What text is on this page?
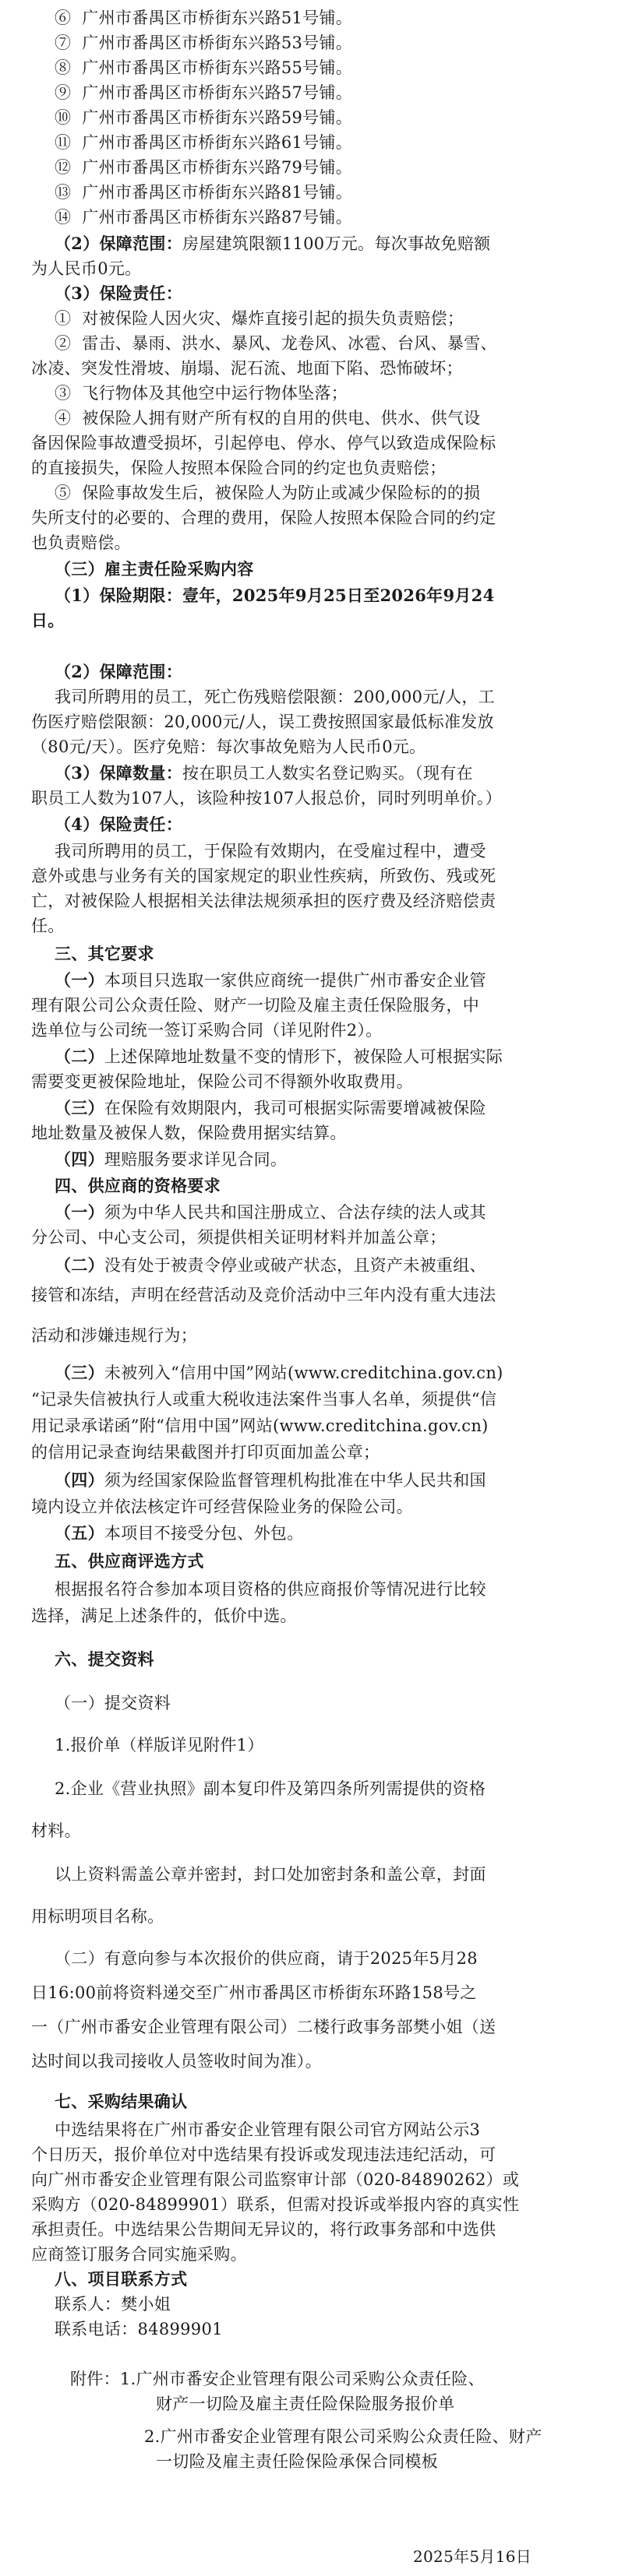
⑥ 广州市番禺区市桥街东兴路51号铺。
⑦ 广州市番禺区市桥街东兴路53号铺。
⑧ 广州市番禺区市桥街东兴路55号铺。
⑨ 广州市番禺区市桥街东兴路57号铺。
⑩ 广州市番禺区市桥街东兴路59号铺。
⑪ 广州市番禺区市桥街东兴路61号铺。
⑫ 广州市番禺区市桥街东兴路79号铺。
⑬ 广州市番禺区市桥街东兴路81号铺。
⑭ 广州市番禺区市桥街东兴路87号铺。
（2）保障范围：房屋建筑限额1100万元。每次事故免赔额
为人民币0元。
（3）保险责任：
① 对被保险人因火灾、爆炸直接引起的损失负责赔偿；
② 雷击、暴雨、洪水、暴风、龙卷风、冰雹、台风、暴雪、
冰凌、突发性滑坡、崩塌、泥石流、地面下陷、恐怖破坏；
③ 飞行物体及其他空中运行物体坠落；
④ 被保险人拥有财产所有权的自用的供电、供水、供气设
备因保险事故遭受损坏，引起停电、停水、停气以致造成保险标
的直接损失，保险人按照本保险合同的约定也负责赔偿；
⑤ 保险事故发生后，被保险人为防止或减少保险标的的损
失所支付的必要的、合理的费用，保险人按照本保险合同的约定
也负责赔偿。
（三）雇主责任险采购内容
（1）保险期限：壹年，2025年9月25日至2026年9月24
日。
（2）保障范围：
我司所聘用的员工，死亡伤残赔偿限额：200,000元/人，工
伤医疗赔偿限额：20,000元/人，误工费按照国家最低标准发放
（80元/天）。医疗免赔：每次事故免赔为人民币0元。
（3）保障数量：按在职员工人数实名登记购买。（现有在
职员工人数为107人，该险种按107人报总价，同时列明单价。）
（4）保险责任：
我司所聘用的员工，于保险有效期内，在受雇过程中，遭受
意外或患与业务有关的国家规定的职业性疾病，所致伤、残或死
亡，对被保险人根据相关法律法规须承担的医疗费及经济赔偿责
任。
三、其它要求
（一）本项目只选取一家供应商统一提供广州市番安企业管
理有限公司公众责任险、财产一切险及雇主责任保险服务，中
选单位与公司统一签订采购合同（详见附件2）。
（二）上述保障地址数量不变的情形下，被保险人可根据实际
需要变更被保险地址，保险公司不得额外收取费用。
（三）在保险有效期限内，我司可根据实际需要增减被保险
地址数量及被保人数，保险费用据实结算。
（四）理赔服务要求详见合同。
四、供应商的资格要求
（一）须为中华人民共和国注册成立、合法存续的法人或其
分公司、中心支公司，须提供相关证明材料并加盖公章；
（二）没有处于被责令停业或破产状态，且资产未被重组、
接管和冻结，声明在经营活动及竞价活动中三年内没有重大违法
活动和涉嫌违规行为；
（三）未被列入“信用中国”网站(www.creditchina.gov.cn)
“记录失信被执行人或重大税收违法案件当事人名单，须提供“信
用记录承诺函”附“信用中国”网站(www.creditchina.gov.cn)
的信用记录查询结果截图并打印页面加盖公章；
（四）须为经国家保险监督管理机构批准在中华人民共和国
境内设立并依法核定许可经营保险业务的保险公司。
（五）本项目不接受分包、外包。
五、供应商评选方式
根据报名符合参加本项目资格的供应商报价等情况进行比较
选择，满足上述条件的，低价中选。
六、提交资料
（一）提交资料
1.报价单（样版详见附件1）
2.企业《营业执照》副本复印件及第四条所列需提供的资格
材料。
以上资料需盖公章并密封，封口处加密封条和盖公章，封面
用标明项目名称。
（二）有意向参与本次报价的供应商，请于2025年5月28
日16:00前将资料递交至广州市番禺区市桥街东环路158号之
一（广州市番安企业管理有限公司）二楼行政事务部樊小姐（送
达时间以我司接收人员签收时间为准）。
七、采购结果确认
中选结果将在广州市番安企业管理有限公司官方网站公示3
个日历天，报价单位对中选结果有投诉或发现违法违纪活动，可
向广州市番安企业管理有限公司监察审计部（020-84890262）或
采购方（020-84899901）联系，但需对投诉或举报内容的真实性
承担责任。中选结果公告期间无异议的，将行政事务部和中选供
应商签订服务合同实施采购。
八、项目联系方式
联系人：樊小姐
联系电话：84899901
附件：1.广州市番安企业管理有限公司采购公众责任险、
财产一切险及雇主责任险保险服务报价单
2.广州市番安企业管理有限公司采购公众责任险、财产
一切险及雇主责任险保险承保合同模板
2025年5月16日
